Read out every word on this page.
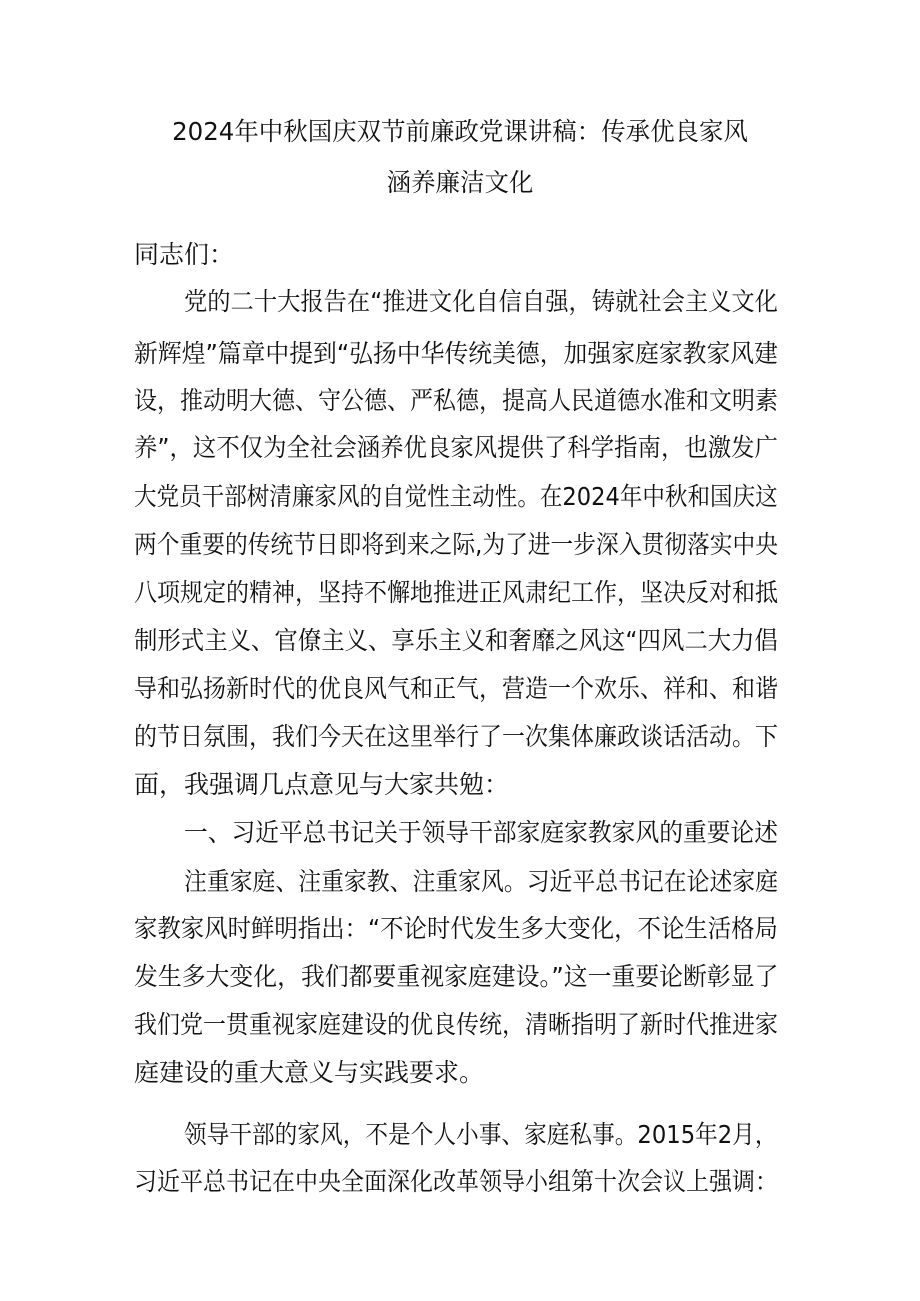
2024年中秋国庆双节前廉政党课讲稿：传承优良家风
涵养廉洁文化
同志们：
党的二十大报告在“推进文化自信自强，铸就社会主义文化
新辉煌”篇章中提到“弘扬中华传统美德，加强家庭家教家风建
设，推动明大德、守公德、严私德，提高人民道德水准和文明素
养”，这不仅为全社会涵养优良家风提供了科学指南，也激发广
大党员干部树清廉家风的自觉性主动性。在2024年中秋和国庆这
两个重要的传统节日即将到来之际,为了进一步深入贯彻落实中央
八项规定的精神，坚持不懈地推进正风肃纪工作，坚决反对和抵
制形式主义、官僚主义、享乐主义和奢靡之风这“四风二大力倡
导和弘扬新时代的优良风气和正气，营造一个欢乐、祥和、和谐
的节日氛围，我们今天在这里举行了一次集体廉政谈话活动。下
面，我强调几点意见与大家共勉：
一、习近平总书记关于领导干部家庭家教家风的重要论述
注重家庭、注重家教、注重家风。习近平总书记在论述家庭
家教家风时鲜明指出：“不论时代发生多大变化，不论生活格局
发生多大变化，我们都要重视家庭建设。”这一重要论断彰显了
我们党一贯重视家庭建设的优良传统，清晰指明了新时代推进家
庭建设的重大意义与实践要求。
领导干部的家风，不是个人小事、家庭私事。2015年2月，
习近平总书记在中央全面深化改革领导小组第十次会议上强调：
